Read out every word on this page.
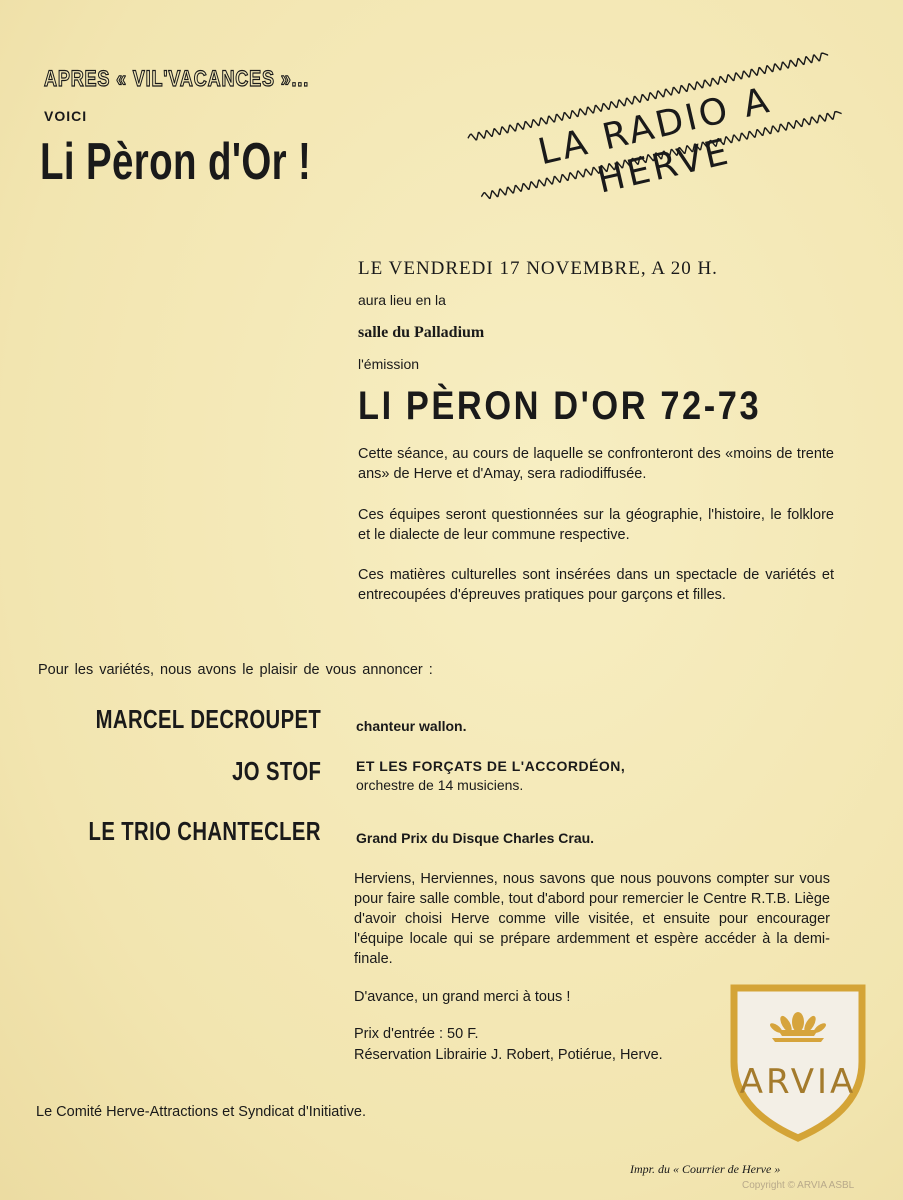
APRES « VIL'VACANCES »...
VOICI
Li Pèron d'Or !	LA RADIO A HERVE
LE VENDREDI 17 NOVEMBRE, A 20 H.
aura lieu en la
salle du Palladium
l'émission
LI PÈRON D'OR 72-73

Cette séance, au cours de laquelle se confronteront des «moins de trente ans» de Herve et d'Amay, sera radiodiffusée.

Ces équipes seront questionnées sur la géographie, l'histoire, le folklore et le dialecte de leur commune respective.

Ces matières culturelles sont insérées dans un spectacle de variétés et entrecoupées d'épreuves pratiques pour garçons et filles.

Pour les variétés, nous avons le plaisir de vous annoncer :
MARCEL DECROUPET	chanteur wallon.
JO STOF	ET LES FORÇATS DE L'ACCORDÉON,
orchestre de 14 musiciens.
LE TRIO CHANTECLER	Grand Prix du Disque Charles Crau.

Herviens, Herviennes, nous savons que nous pouvons compter sur vous pour faire salle comble, tout d'abord pour remercier le Centre R.T.B. Liège d'avoir choisi Herve comme ville visitée, et ensuite pour encourager l'équipe locale qui se prépare ardemment et espère accéder à la demi-finale.

D'avance, un grand merci à tous !
Prix d'entrée : 50 F.
Réservation Librairie J. Robert, Potiérue, Herve.
Le Comité Herve-Attractions et Syndicat d'Initiative.
Impr. du « Courrier de Herve »
Copyright © ARVIA ASBL
ARVIA
